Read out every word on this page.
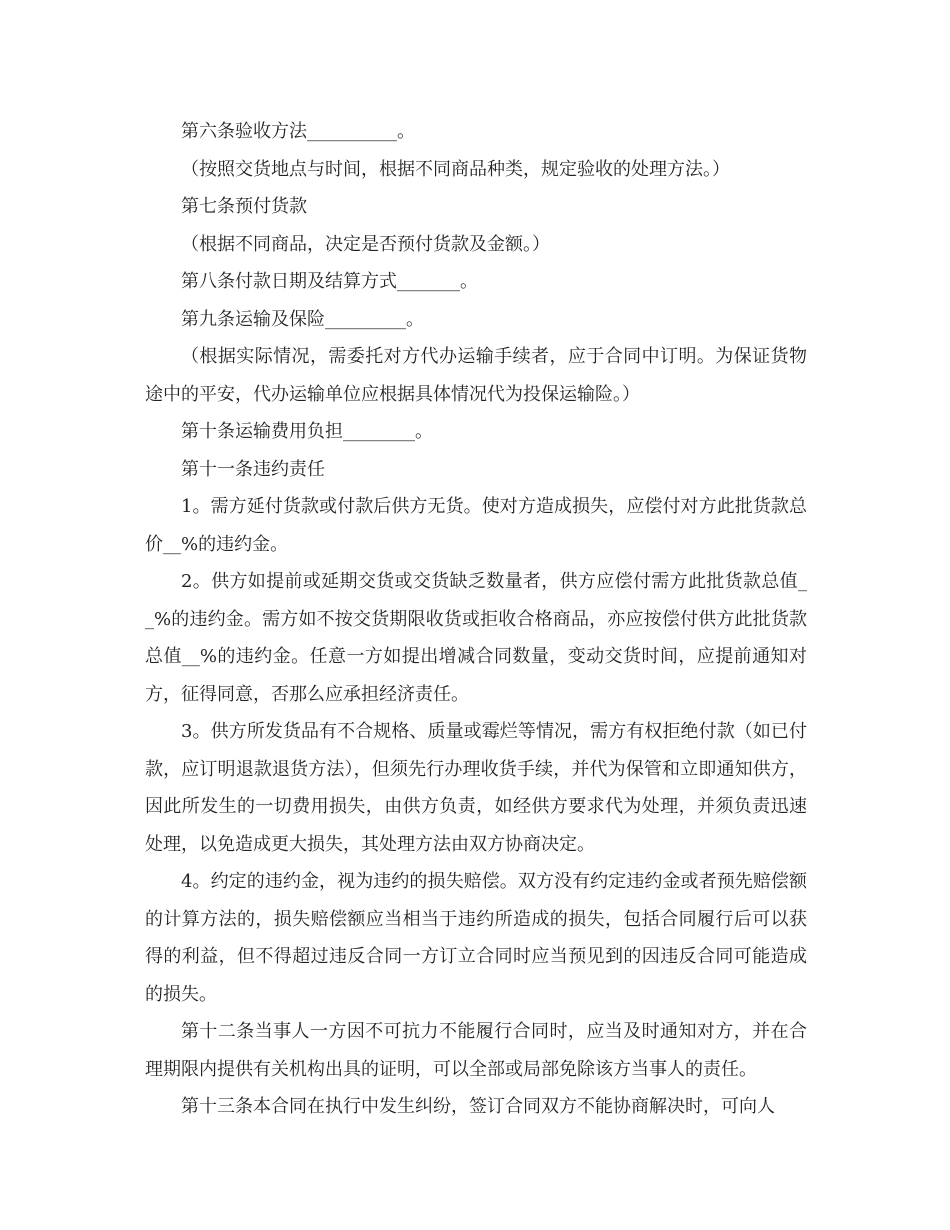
第六条验收方法__________。

（按照交货地点与时间，根据不同商品种类，规定验收的处理方法。）

第七条预付货款

（根据不同商品，决定是否预付货款及金额。）

第八条付款日期及结算方式_______。

第九条运输及保险_________。

（根据实际情况，需委托对方代办运输手续者，应于合同中订明。为保证货物途中的平安，代办运输单位应根据具体情况代为投保运输险。）

第十条运输费用负担________。

第十一条违约责任

1。需方延付货款或付款后供方无货。使对方造成损失，应偿付对方此批货款总价__%的违约金。

2。供方如提前或延期交货或交货缺乏数量者，供方应偿付需方此批货款总值__%的违约金。需方如不按交货期限收货或拒收合格商品，亦应按偿付供方此批货款总值__%的违约金。任意一方如提出增减合同数量，变动交货时间，应提前通知对方，征得同意，否那么应承担经济责任。

3。供方所发货品有不合规格、质量或霉烂等情况，需方有权拒绝付款（如已付款，应订明退款退货方法），但须先行办理收货手续，并代为保管和立即通知供方，因此所发生的一切费用损失，由供方负责，如经供方要求代为处理，并须负责迅速处理，以免造成更大损失，其处理方法由双方协商决定。

4。约定的违约金，视为违约的损失赔偿。双方没有约定违约金或者预先赔偿额的计算方法的，损失赔偿额应当相当于违约所造成的损失，包括合同履行后可以获得的利益，但不得超过违反合同一方订立合同时应当预见到的因违反合同可能造成的损失。

第十二条当事人一方因不可抗力不能履行合同时，应当及时通知对方，并在合理期限内提供有关机构出具的证明，可以全部或局部免除该方当事人的责任。

第十三条本合同在执行中发生纠纷，签订合同双方不能协商解决时，可向人
